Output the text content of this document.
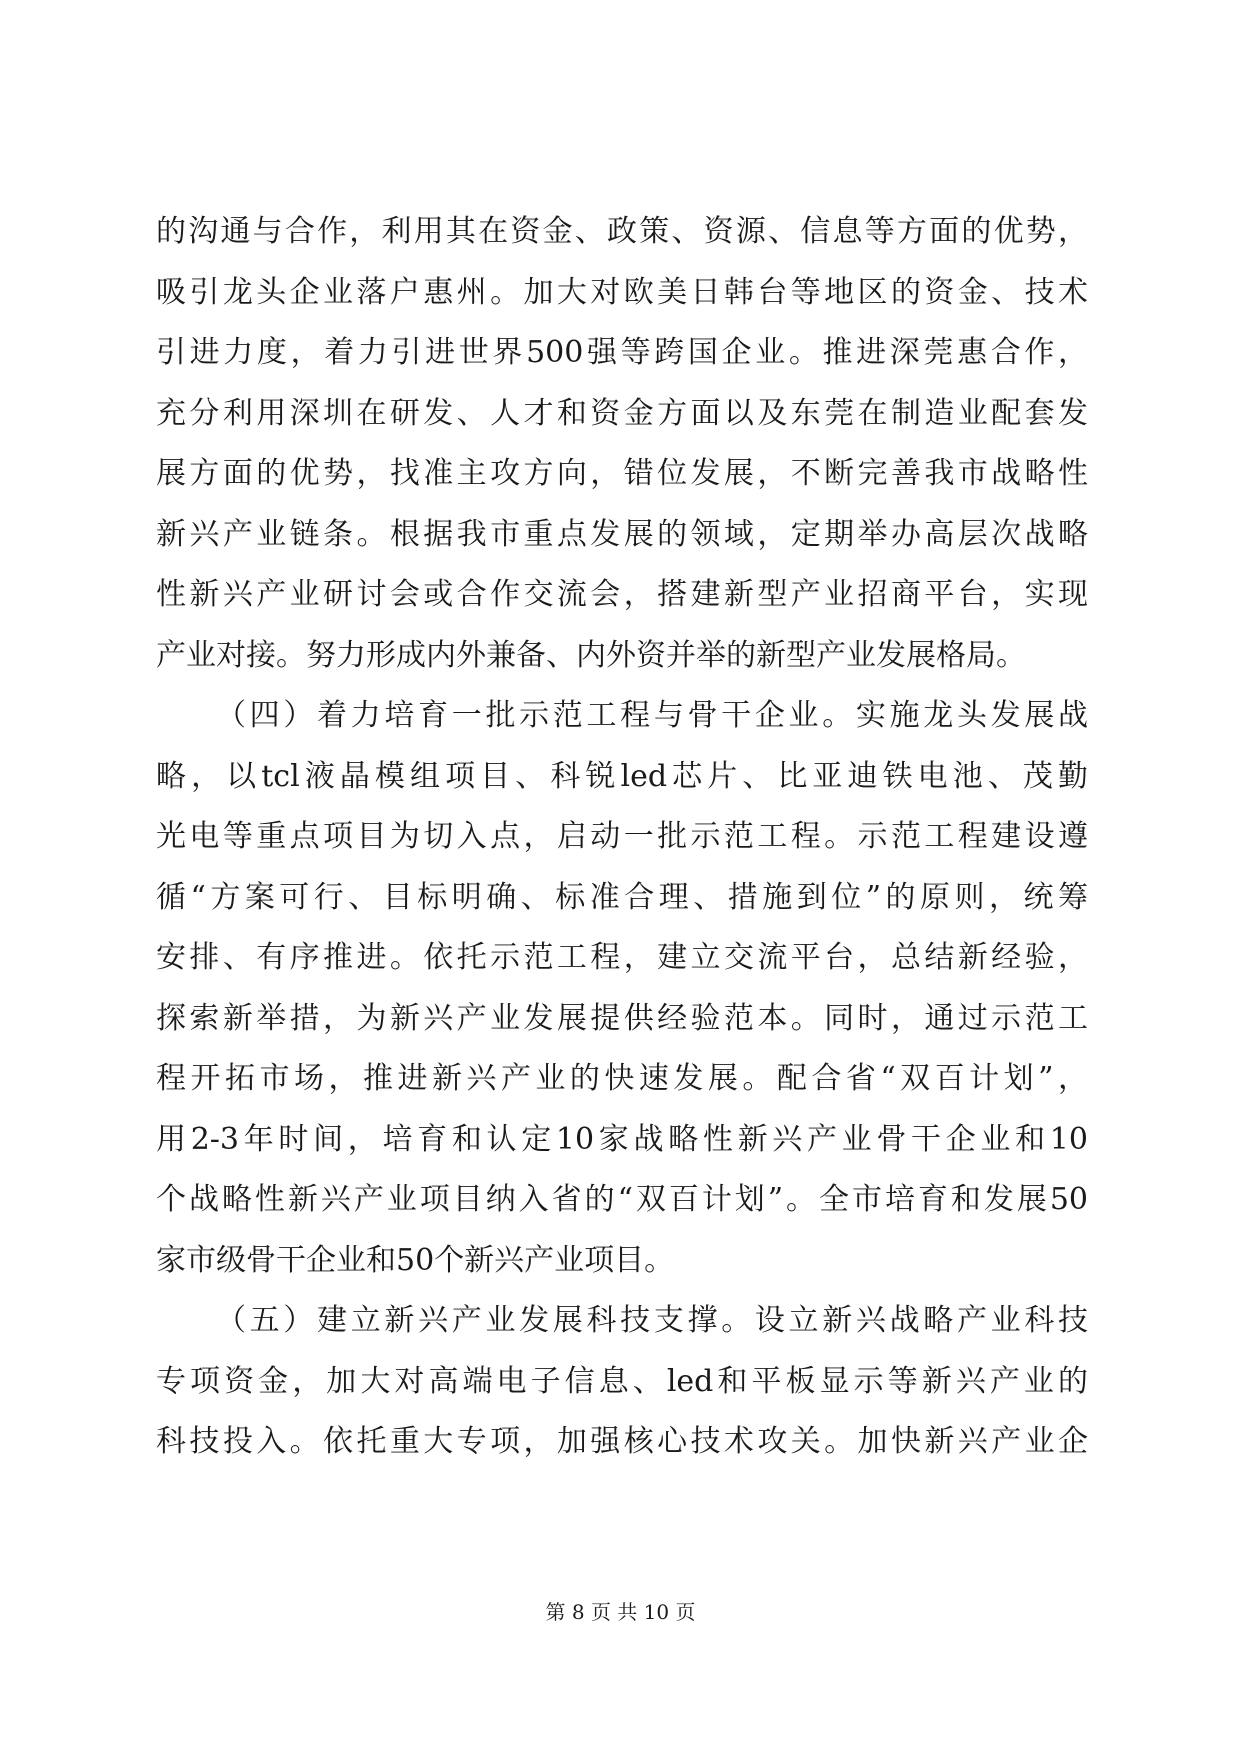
的沟通与合作，利用其在资金、政策、资源、信息等方面的优势，
吸引龙头企业落户惠州。加大对欧美日韩台等地区的资金、技术
引进力度，着力引进世界500强等跨国企业。推进深莞惠合作，
充分利用深圳在研发、人才和资金方面以及东莞在制造业配套发
展方面的优势，找准主攻方向，错位发展，不断完善我市战略性
新兴产业链条。根据我市重点发展的领域，定期举办高层次战略
性新兴产业研讨会或合作交流会，搭建新型产业招商平台，实现
产业对接。努力形成内外兼备、内外资并举的新型产业发展格局。
（四）着力培育一批示范工程与骨干企业。实施龙头发展战
略，以tcl液晶模组项目、科锐led芯片、比亚迪铁电池、茂勤
光电等重点项目为切入点，启动一批示范工程。示范工程建设遵
循“方案可行、目标明确、标准合理、措施到位”的原则，统筹
安排、有序推进。依托示范工程，建立交流平台，总结新经验，
探索新举措，为新兴产业发展提供经验范本。同时，通过示范工
程开拓市场，推进新兴产业的快速发展。配合省“双百计划”，
用2-3年时间，培育和认定10家战略性新兴产业骨干企业和10
个战略性新兴产业项目纳入省的“双百计划”。全市培育和发展50
家市级骨干企业和50个新兴产业项目。
（五）建立新兴产业发展科技支撑。设立新兴战略产业科技
专项资金，加大对高端电子信息、led和平板显示等新兴产业的
科技投入。依托重大专项，加强核心技术攻关。加快新兴产业企
第 8 页 共 10 页
